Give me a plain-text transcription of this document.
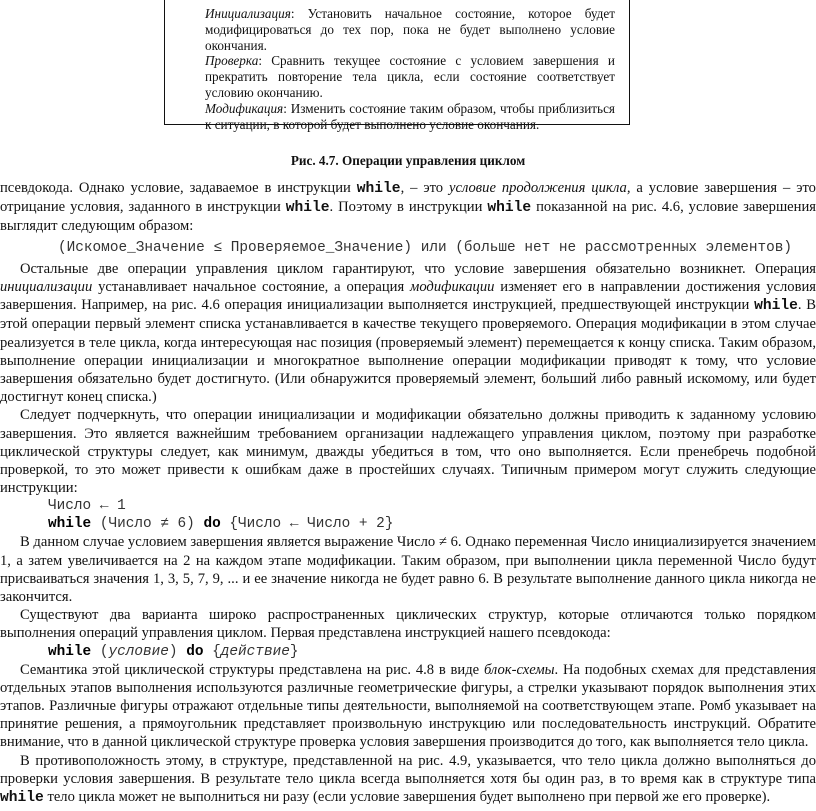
Инициализация: Установить начальное состояние, которое будет модифицироваться до тех пор, пока не будет выполнено условие окончания.

Проверка: Сравнить текущее состояние с условием завершения и прекратить повторение тела цикла, если состояние соответствует условию окончанию.

Модификация: Изменить состояние таким образом, чтобы приблизиться к ситуации, в которой будет выполнено условие окончания.

Рис. 4.7. Операции управления циклом

псевдокода. Однако условие, задаваемое в инструкции while, – это условие продолжения цикла, а условие завершения – это отрицание условия, заданного в инструкции while. Поэтому в инструкции while показанной на рис. 4.6, условие завершения выглядит следующим образом:

(Искомое_Значение ≤ Проверяемое_Значение) или (больше нет не рассмотренных элементов)

Остальные две операции управления циклом гарантируют, что условие завершения обязательно возникнет. Операция инициализации устанавливает начальное состояние, а операция модификации изменяет его в направлении достижения условия завершения. Например, на рис. 4.6 операция инициализации выполняется инструкцией, предшествующей инструкции while. В этой операции первый элемент списка устанавливается в качестве текущего проверяемого. Операция модификации в этом случае реализуется в теле цикла, когда интересующая нас позиция (проверяемый элемент) перемещается к концу списка. Таким образом, выполнение операции инициализации и многократное выполнение операции модификации приводят к тому, что условие завершения обязательно будет достигнуто. (Или обнаружится проверяемый элемент, больший либо равный искомому, или будет достигнут конец списка.)

Следует подчеркнуть, что операции инициализации и модификации обязательно должны приводить к заданному условию завершения. Это является важнейшим требованием организации надлежащего управления циклом, поэтому при разработке циклической структуры следует, как минимум, дважды убедиться в том, что оно выполняется. Если пренебречь подобной проверкой, то это может привести к ошибкам даже в простейших случаях. Типичным примером могут служить следующие инструкции:

Число ← 1
while (Число ≠ 6) do {Число ← Число + 2}

В данном случае условием завершения является выражение Число ≠ 6. Однако переменная Число инициализируется значением 1, а затем увеличивается на 2 на каждом этапе модификации. Таким образом, при выполнении цикла переменной Число будут присваиваться значения 1, 3, 5, 7, 9, ... и ее значение никогда не будет равно 6. В результате выполнение данного цикла никогда не закончится.

Существуют два варианта широко распространенных циклических структур, которые отличаются только порядком выполнения операций управления циклом. Первая представлена инструкцией нашего псевдокода:

while (условие) do {действие}

Семантика этой циклической структуры представлена на рис. 4.8 в виде блок-схемы. На подобных схемах для представления отдельных этапов выполнения используются различные геометрические фигуры, а стрелки указывают порядок выполнения этих этапов. Различные фигуры отражают отдельные типы деятельности, выполняемой на соответствующем этапе. Ромб указывает на принятие решения, а прямоугольник представляет произвольную инструкцию или последовательность инструкций. Обратите внимание, что в данной циклической структуре проверка условия завершения производится до того, как выполняется тело цикла.

В противоположность этому, в структуре, представленной на рис. 4.9, указывается, что тело цикла должно выполняться до проверки условия завершения. В результате тело цикла всегда выполняется хотя бы один раз, в то время как в структуре типа while тело цикла может не выполниться ни разу (если условие завершения будет выполнено при первой же его проверке).
